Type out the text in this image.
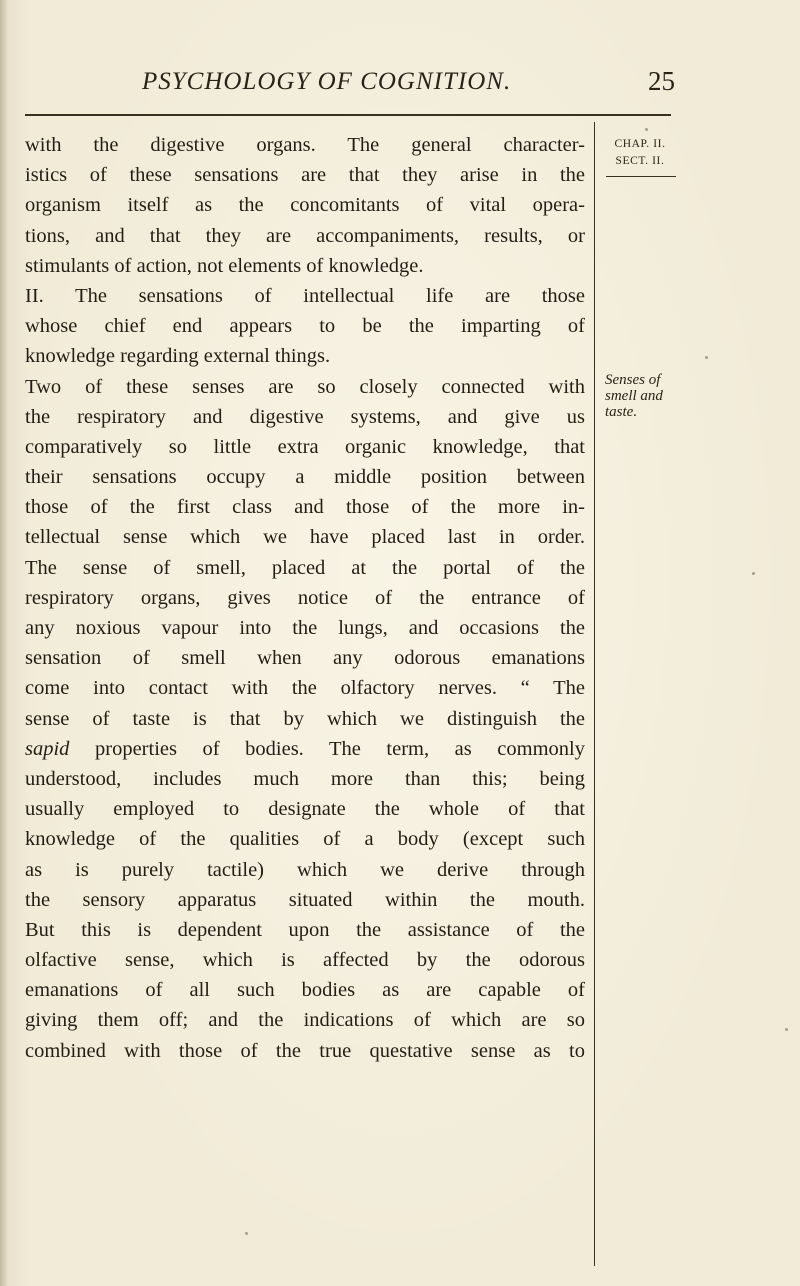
PSYCHOLOGY OF COGNITION.	25
with the digestive organs. The general character-
istics of these sensations are that they arise in the
organism itself as the concomitants of vital opera-
tions, and that they are accompaniments, results, or
stimulants of action, not elements of knowledge.
II. The sensations of intellectual life are those
whose chief end appears to be the imparting of
knowledge regarding external things.
Two of these senses are so closely connected with
the respiratory and digestive systems, and give us
comparatively so little extra organic knowledge, that
their sensations occupy a middle position between
those of the first class and those of the more in-
tellectual sense which we have placed last in order.
The sense of smell, placed at the portal of the
respiratory organs, gives notice of the entrance of
any noxious vapour into the lungs, and occasions the
sensation of smell when any odorous emanations
come into contact with the olfactory nerves. “ The
sense of taste is that by which we distinguish the
sapid properties of bodies. The term, as commonly
understood, includes much more than this; being
usually employed to designate the whole of that
knowledge of the qualities of a body (except such
as is purely tactile) which we derive through
the sensory apparatus situated within the mouth.
But this is dependent upon the assistance of the
olfactive sense, which is affected by the odorous
emanations of all such bodies as are capable of
giving them off; and the indications of which are so
combined with those of the true questative sense as to
CHAP. II.
SECT. II.
Senses of
smell and
taste.
